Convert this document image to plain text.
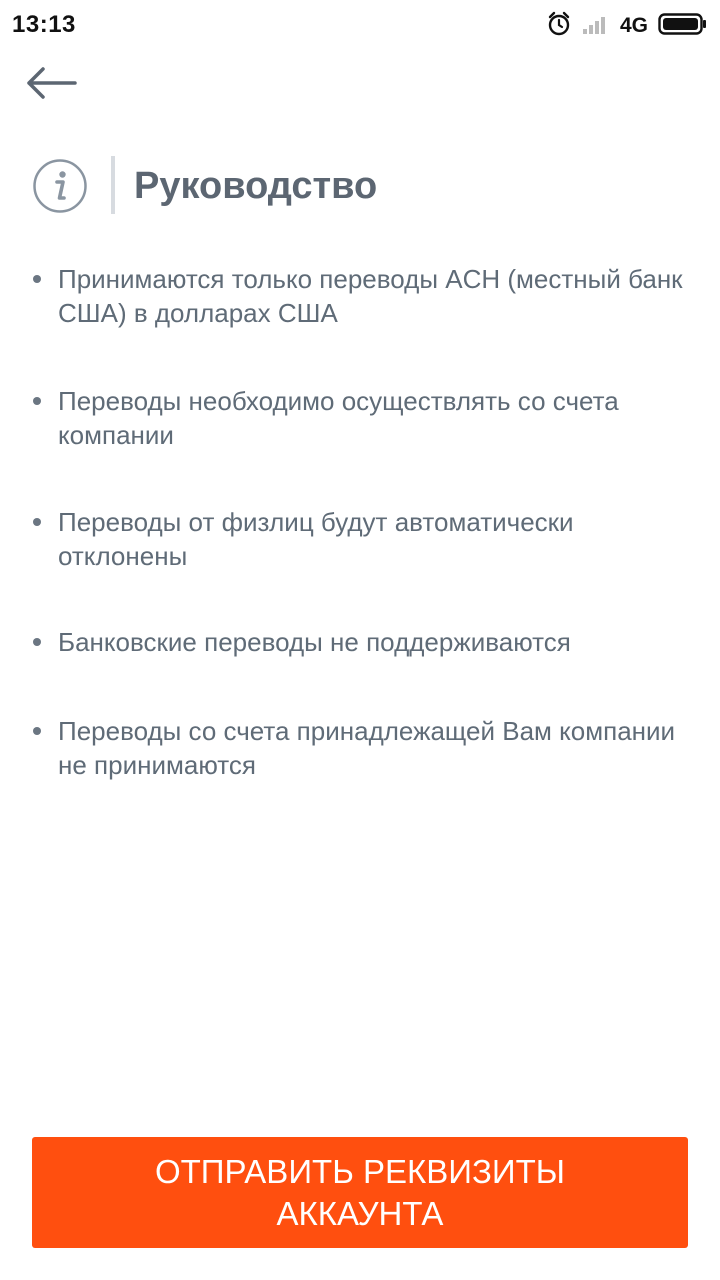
13:13	4G
Руководство
Принимаются только переводы ACH (местный банк США) в долларах США
Переводы необходимо осуществлять со счета компании
Переводы от физлиц будут автоматически отклонены
Банковские переводы не поддерживаются
Переводы со счета принадлежащей Вам компании не принимаются
ОТПРАВИТЬ РЕКВИЗИТЫ АККАУНТА
